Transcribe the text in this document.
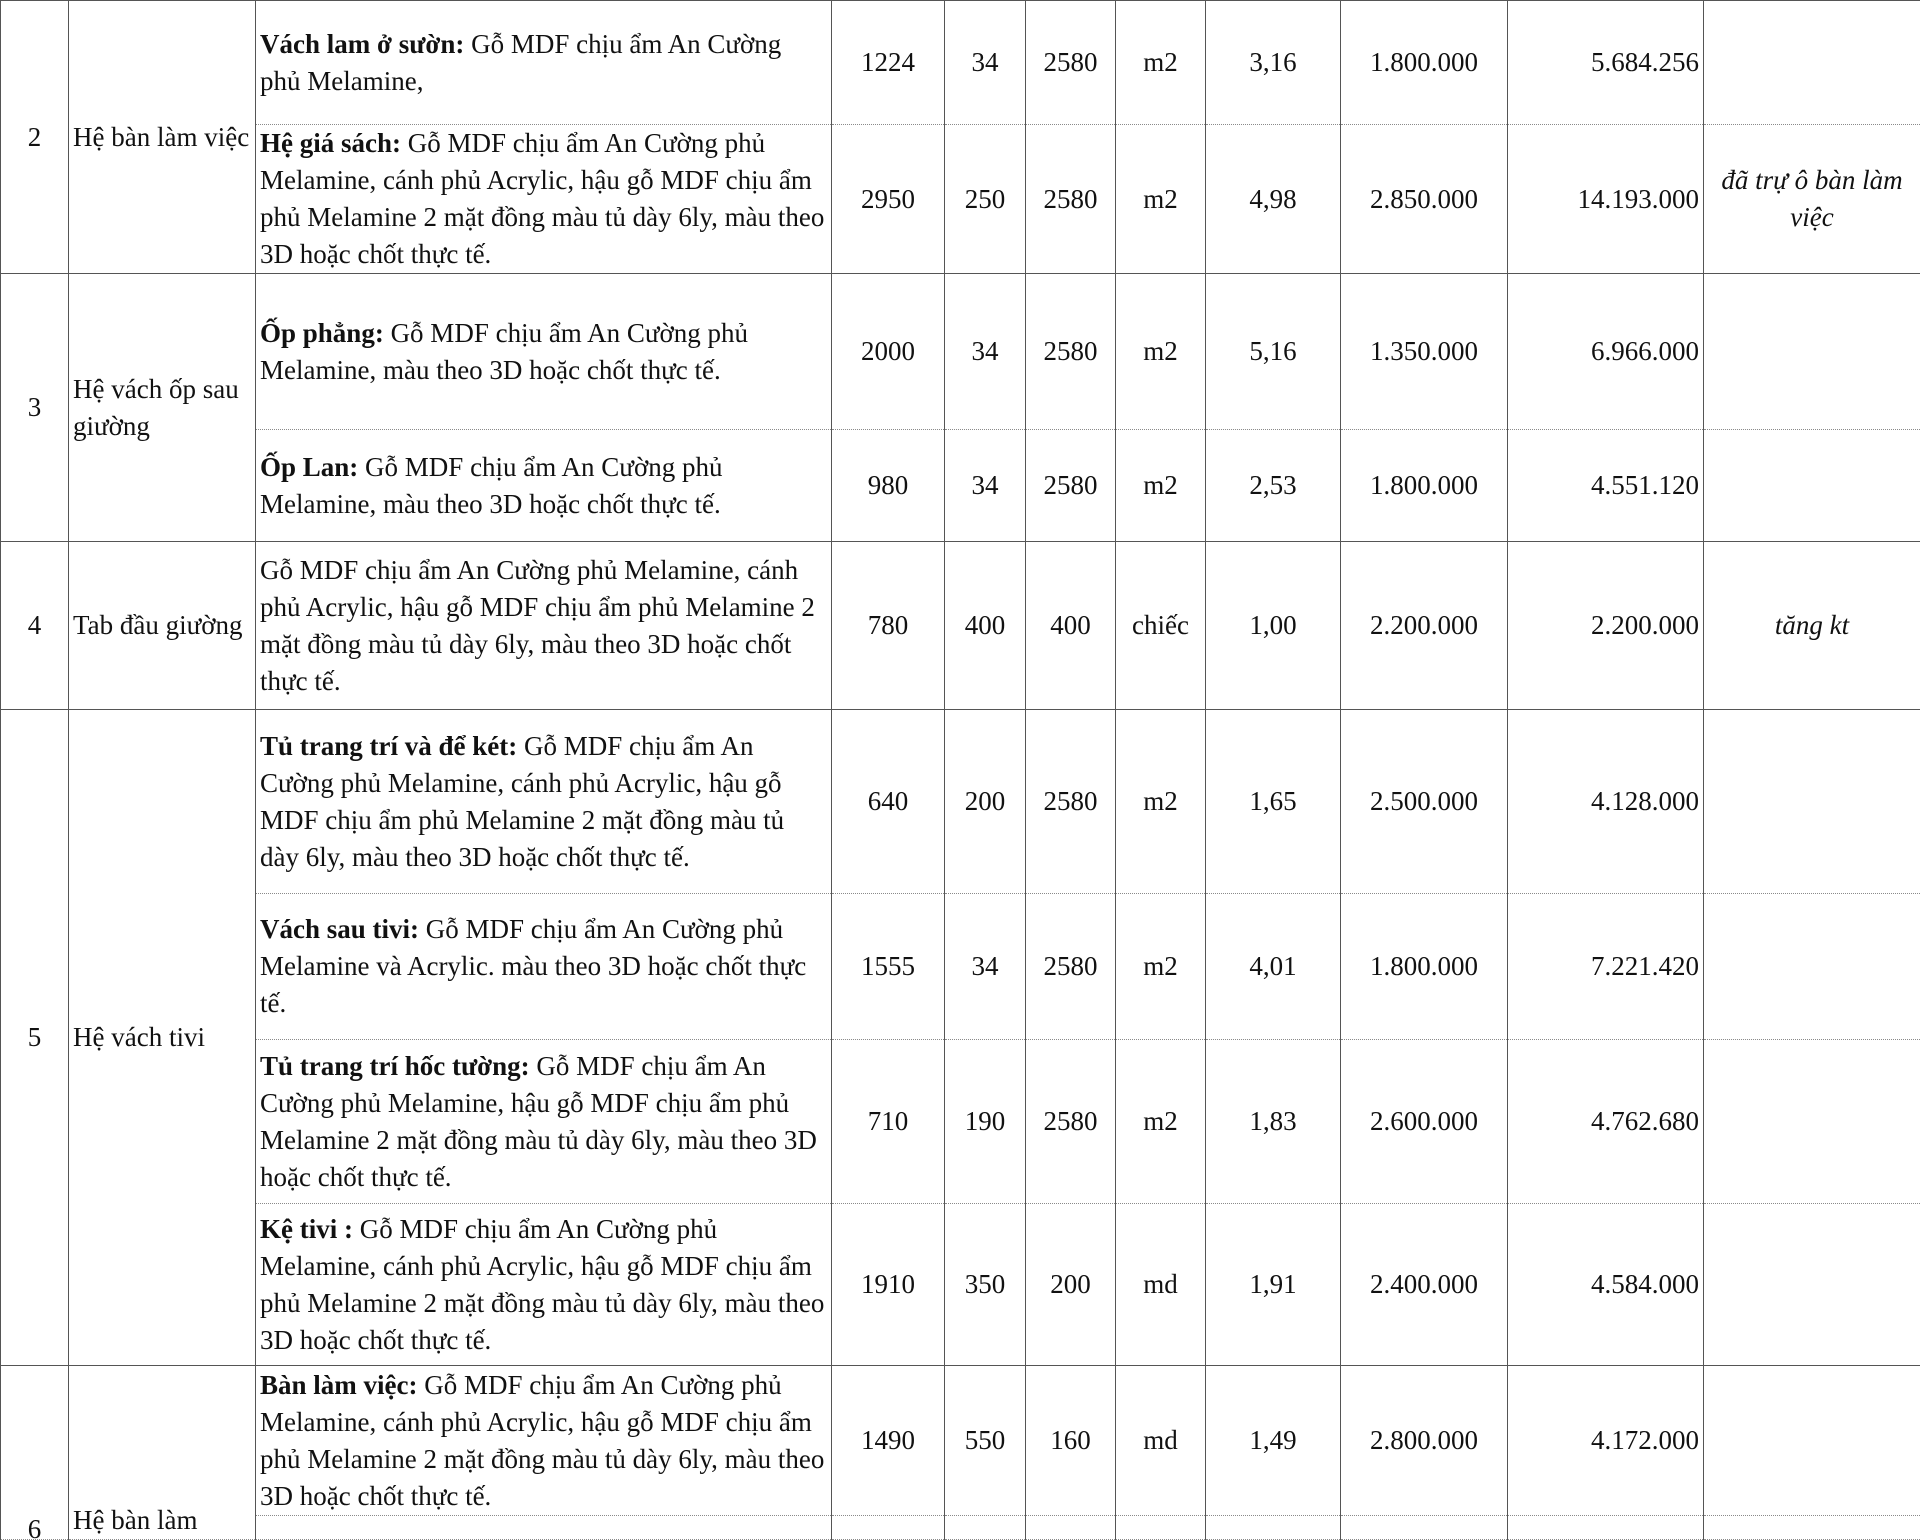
2	Hệ bàn làm việc	Vách lam ở sườn: Gỗ MDF chịu ẩm An Cường phủ Melamine,	1224	34	2580	m2	3,16	1.800.000	5.684.256	
		Hệ giá sách: Gỗ MDF chịu ẩm An Cường phủ Melamine, cánh phủ Acrylic, hậu gỗ MDF chịu ẩm phủ Melamine 2 mặt đồng màu tủ dày 6ly, màu theo 3D hoặc chốt thực tế.	2950	250	2580	m2	4,98	2.850.000	14.193.000	đã trự ô bàn làm việc
3	Hệ vách ốp sau giường	Ốp phẳng: Gỗ MDF chịu ẩm An Cường phủ Melamine, màu theo 3D hoặc chốt thực tế.	2000	34	2580	m2	5,16	1.350.000	6.966.000	
		Ốp Lan: Gỗ MDF chịu ẩm An Cường phủ Melamine, màu theo 3D hoặc chốt thực tế.	980	34	2580	m2	2,53	1.800.000	4.551.120	
4	Tab đầu giường	Gỗ MDF chịu ẩm An Cường phủ Melamine, cánh phủ Acrylic, hậu gỗ MDF chịu ẩm phủ Melamine 2 mặt đồng màu tủ dày 6ly, màu theo 3D hoặc chốt thực tế.	780	400	400	chiếc	1,00	2.200.000	2.200.000	tăng kt
5	Hệ vách tivi	Tủ trang trí và để két: Gỗ MDF chịu ẩm An Cường phủ Melamine, cánh phủ Acrylic, hậu gỗ MDF chịu ẩm phủ Melamine 2 mặt đồng màu tủ dày 6ly, màu theo 3D hoặc chốt thực tế.	640	200	2580	m2	1,65	2.500.000	4.128.000	
		Vách sau tivi: Gỗ MDF chịu ẩm An Cường phủ Melamine và Acrylic. màu theo 3D hoặc chốt thực tế.	1555	34	2580	m2	4,01	1.800.000	7.221.420	
		Tủ trang trí hốc tường: Gỗ MDF chịu ẩm An Cường phủ Melamine, hậu gỗ MDF chịu ẩm phủ Melamine 2 mặt đồng màu tủ dày 6ly, màu theo 3D hoặc chốt thực tế.	710	190	2580	m2	1,83	2.600.000	4.762.680	
		Kệ tivi : Gỗ MDF chịu ẩm An Cường phủ Melamine, cánh phủ Acrylic, hậu gỗ MDF chịu ẩm phủ Melamine 2 mặt đồng màu tủ dày 6ly, màu theo 3D hoặc chốt thực tế.	1910	350	200	md	1,91	2.400.000	4.584.000	
6	Hệ bàn làm	Bàn làm việc: Gỗ MDF chịu ẩm An Cường phủ Melamine, cánh phủ Acrylic, hậu gỗ MDF chịu ẩm phủ Melamine 2 mặt đồng màu tủ dày 6ly, màu theo 3D hoặc chốt thực tế.	1490	550	160	md	1,49	2.800.000	4.172.000	
